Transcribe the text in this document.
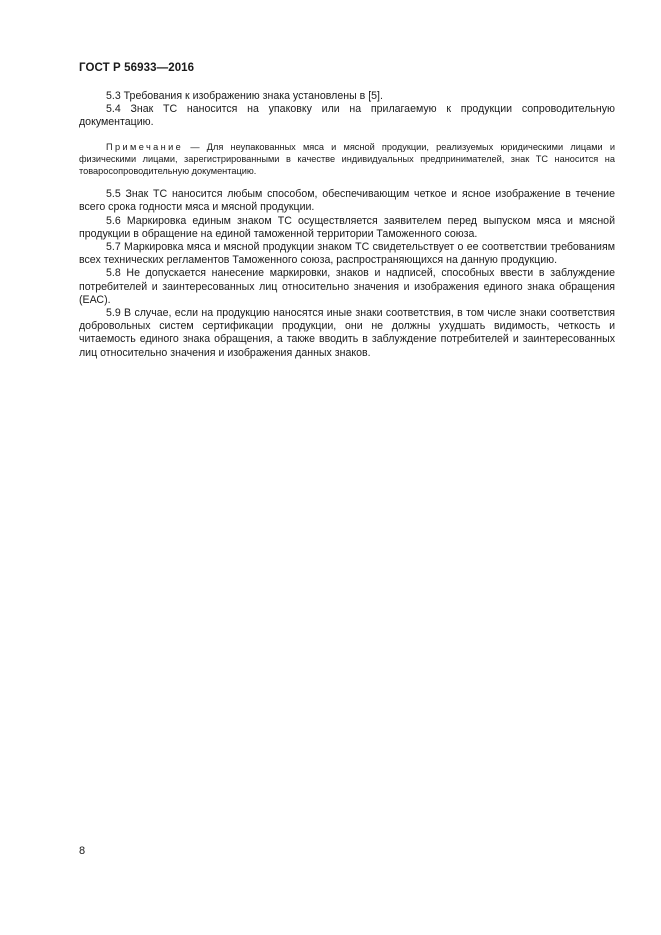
ГОСТ Р 56933—2016

5.3 Требования к изображению знака установлены в [5].

5.4 Знак ТС наносится на упаковку или на прилагаемую к продукции сопроводительную документацию.

Примечание — Для неупакованных мяса и мясной продукции, реализуемых юридическими лицами и физическими лицами, зарегистрированными в качестве индивидуальных предпринимателей, знак ТС наносится на товаросопроводительную документацию.

5.5 Знак ТС наносится любым способом, обеспечивающим четкое и ясное изображение в течение всего срока годности мяса и мясной продукции.

5.6 Маркировка единым знаком ТС осуществляется заявителем перед выпуском мяса и мясной продукции в обращение на единой таможенной территории Таможенного союза.

5.7 Маркировка мяса и мясной продукции знаком ТС свидетельствует о ее соответствии требованиям всех технических регламентов Таможенного союза, распространяющихся на данную продукцию.

5.8 Не допускается нанесение маркировки, знаков и надписей, способных ввести в заблуждение потребителей и заинтересованных лиц относительно значения и изображения единого знака обращения (ЕАС).

5.9 В случае, если на продукцию наносятся иные знаки соответствия, в том числе знаки соответствия добровольных систем сертификации продукции, они не должны ухудшать видимость, четкость и читаемость единого знака обращения, а также вводить в заблуждение потребителей и заинтересованных лиц относительно значения и изображения данных знаков.

8
